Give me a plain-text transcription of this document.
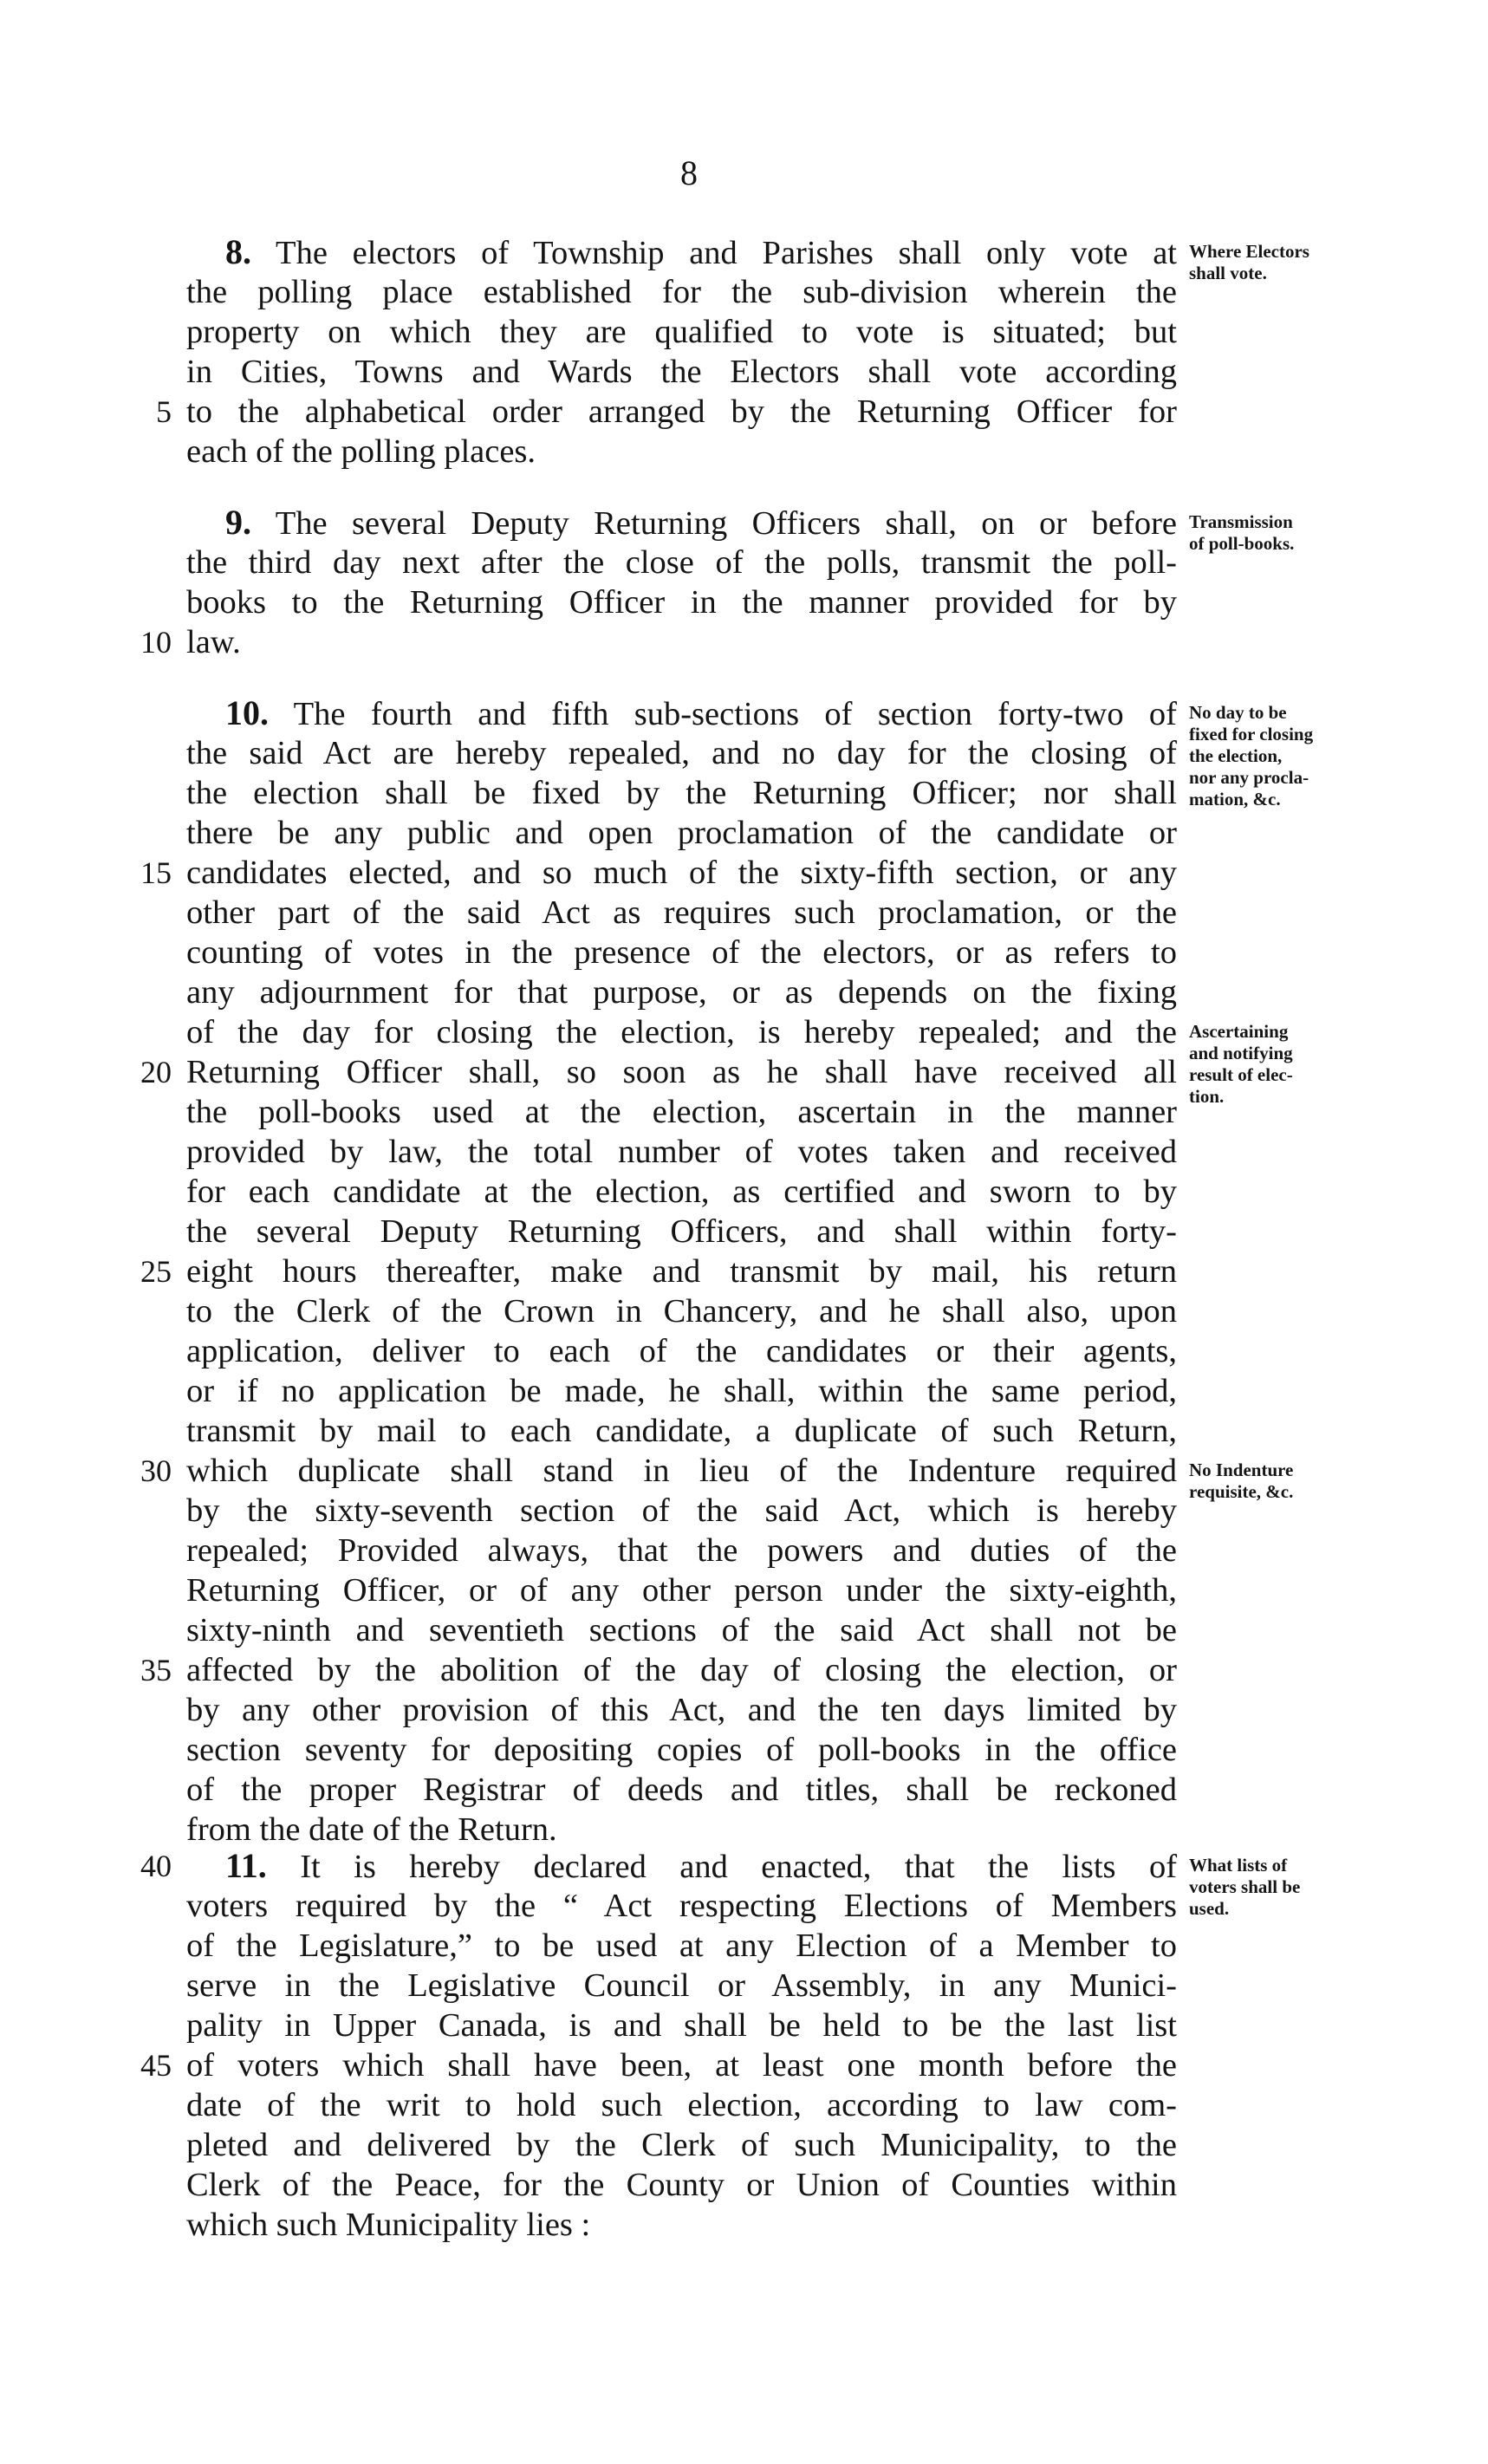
8
8. The electors of Township and Parishes shall only vote at
the polling place established for the sub-division wherein the
property on which they are qualified to vote is situated; but
in Cities, Towns and Wards the Electors shall vote according
to the alphabetical order arranged by the Returning Officer for
each of the polling places.
5
Where Electors
shall vote.
9. The several Deputy Returning Officers shall, on or before
the third day next after the close of the polls, transmit the poll-
books to the Returning Officer in the manner provided for by
law.
10
Transmission
of poll-books.
10. The fourth and fifth sub-sections of section forty-two of
the said Act are hereby repealed, and no day for the closing of
the election shall be fixed by the Returning Officer; nor shall
there be any public and open proclamation of the candidate or
candidates elected, and so much of the sixty-fifth section, or any
other part of the said Act as requires such proclamation, or the
counting of votes in the presence of the electors, or as refers to
any adjournment for that purpose, or as depends on the fixing
of the day for closing the election, is hereby repealed; and the
Returning Officer shall, so soon as he shall have received all
the poll-books used at the election, ascertain in the manner
provided by law, the total number of votes taken and received
for each candidate at the election, as certified and sworn to by
the several Deputy Returning Officers, and shall within forty-
eight hours thereafter, make and transmit by mail, his return
to the Clerk of the Crown in Chancery, and he shall also, upon
application, deliver to each of the candidates or their agents,
or if no application be made, he shall, within the same period,
transmit by mail to each candidate, a duplicate of such Return,
which duplicate shall stand in lieu of the Indenture required
by the sixty-seventh section of the said Act, which is hereby
repealed; Provided always, that the powers and duties of the
Returning Officer, or of any other person under the sixty-eighth,
sixty-ninth and seventieth sections of the said Act shall not be
affected by the abolition of the day of closing the election, or
by any other provision of this Act, and the ten days limited by
section seventy for depositing copies of poll-books in the office
of the proper Registrar of deeds and titles, shall be reckoned
from the date of the Return.
15
20
25
30
35
No day to be
fixed for closing
the election,
nor any procla-
mation, &c.
Ascertaining
and notifying
result of elec-
tion.
No Indenture
requisite, &c.
11. It is hereby declared and enacted, that the lists of
voters required by the “ Act respecting Elections of Members
of the Legislature,” to be used at any Election of a Member to
serve in the Legislative Council or Assembly, in any Munici-
pality in Upper Canada, is and shall be held to be the last list
of voters which shall have been, at least one month before the
date of the writ to hold such election, according to law com-
pleted and delivered by the Clerk of such Municipality, to the
Clerk of the Peace, for the County or Union of Counties within
which such Municipality lies :
40
45
What lists of
voters shall be
used.
